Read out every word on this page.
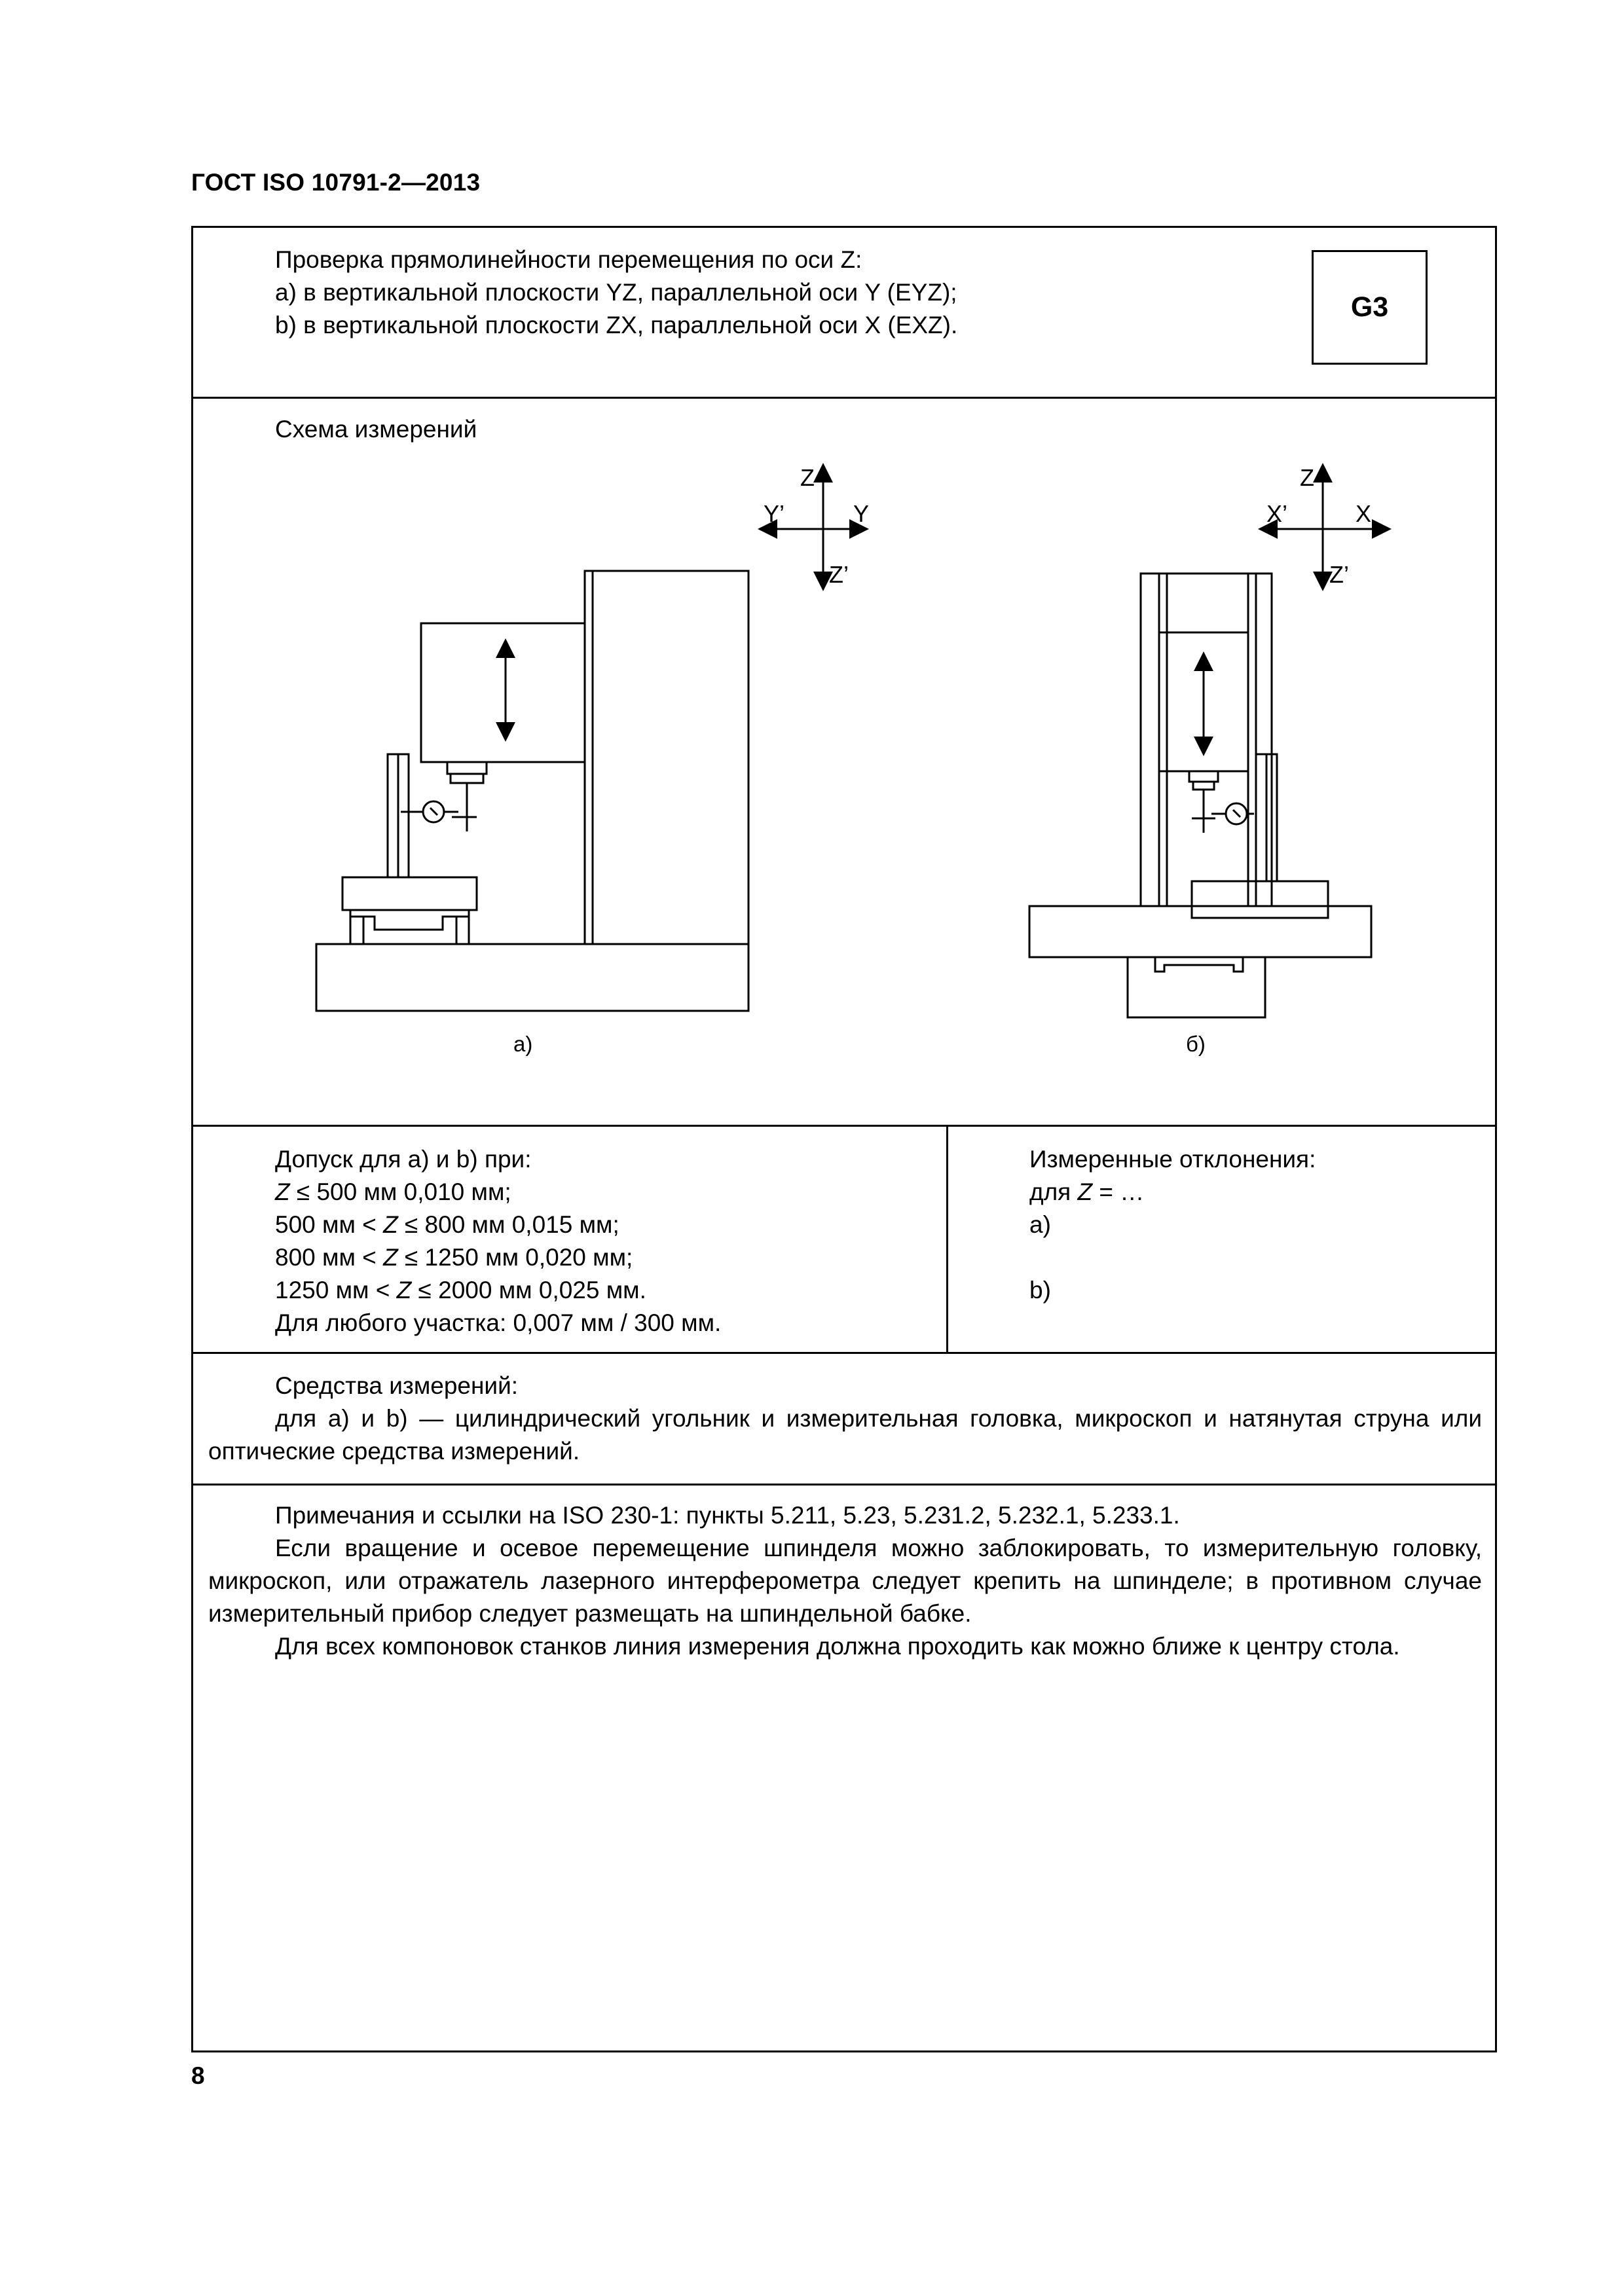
ГОСТ ISO 10791-2—2013
Проверка прямолинейности перемещения по оси Z:
a) в вертикальной плоскости YZ, параллельной оси Y (EYZ);
b) в вертикальной плоскости ZX, параллельной оси X (EXZ).
G3
Схема измерений
Z
Y’	Y
Z’
Z
X’	X
Z’
а)	б)
Допуск для a) и b) при:
Z ≤ 500 мм 0,010 мм;
500 мм < Z ≤ 800 мм 0,015 мм;
800 мм < Z ≤ 1250 мм 0,020 мм;
1250 мм < Z ≤ 2000 мм 0,025 мм.
Для любого участка: 0,007 мм / 300 мм.
Измеренные отклонения:
для Z = …
a)
b)
Средства измерений:
для a) и b) — цилиндрический угольник и измерительная головка, микроскоп и натянутая струна или оптические средства измерений.
Примечания и ссылки на ISO 230-1: пункты 5.211, 5.23, 5.231.2, 5.232.1, 5.233.1.
Если вращение и осевое перемещение шпинделя можно заблокировать, то измерительную головку, микроскоп, или отражатель лазерного интерферометра следует крепить на шпинделе; в противном случае измерительный прибор следует размещать на шпиндельной бабке.
Для всех компоновок станков линия измерения должна проходить как можно ближе к центру стола.
8
